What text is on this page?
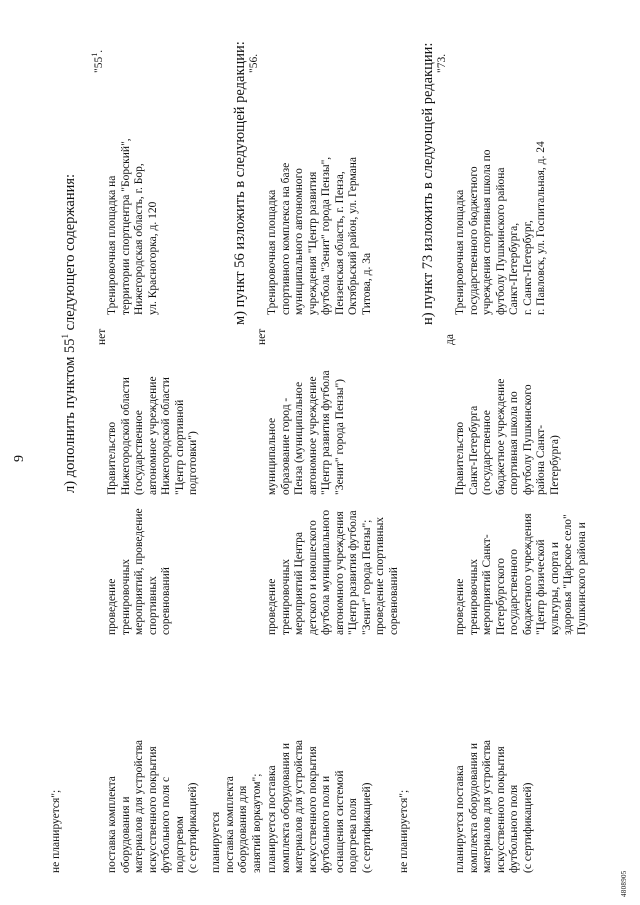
9 л) дополнить пунктом $55^1$ следующего содержания:
"$55^1$.
Тренировочная площадка на
территории спортцентра "Борский",
Нижегородская область, г. Бор,
ул. Красногорка, д. 120
Правительство
Нижегородской области
(государственное
автономное учреждение
Нижегородской области
"Центр спортивной
подготовки")
проведение
тренировочных
мероприятий, проведение
спортивных
соревнований
нет
поставка комплекта
оборудования и
материалов для устройства
искусственного покрытия
футбольного поля с
подогревом
(с сертификацией)
не планируется";
м) пункт 56 изложить в следующей редакции: "56.
Тренировочная площадка
спортивного комплекса на базе
муниципального автономного
учреждения "Центр развития
футбола "Зенит" города Пензы",
Пензенская область, г. Пенза,
Октябрьский район, ул. Германа
Титова, д. 3а
муниципальное
образование город -
Пенза (муниципальное
автономное учреждение
"Центр развития футбола
"Зенит" города Пензы")
проведение
тренировочных
мероприятий Центра
детского и юношеского
футбола муниципального
автономного учреждения
"Центр развития футбола
"Зенит" города Пензы";
проведение спортивных
соревнований
нет
планируется поставка
комплекта оборудования и
материалов для устройства
искусственного покрытия
футбольного поля и
оснащения системой
подогрева поля
(с сертификацией)
планируется
поставка комплекта
оборудования для
занятий воркаутом";
н) пункт 73 изложить в следующей редакции: "73.
Тренировочная площадка
государственного бюджетного
учреждения спортивная школа по
футболу Пушкинского района
Санкт-Петербурга,
г. Санкт-Петербург,
г. Павловск, ул. Госпитальная, д. 24
Правительство
Санкт-Петербурга
(государственное
бюджетное учреждение
спортивная школа по
футболу Пушкинского
района Санкт-
Петербурга)
проведение
тренировочных
мероприятий Санкт-
Петербургского
государственного
бюджетного учреждения
"Центр физической
культуры, спорта и
здоровья "Царское село"
Пушкинского района и
да
планируется поставка
комплекта оборудования и
материалов для устройства
искусственного покрытия
футбольного поля
(с сертификацией)
не планируется";
4808905
